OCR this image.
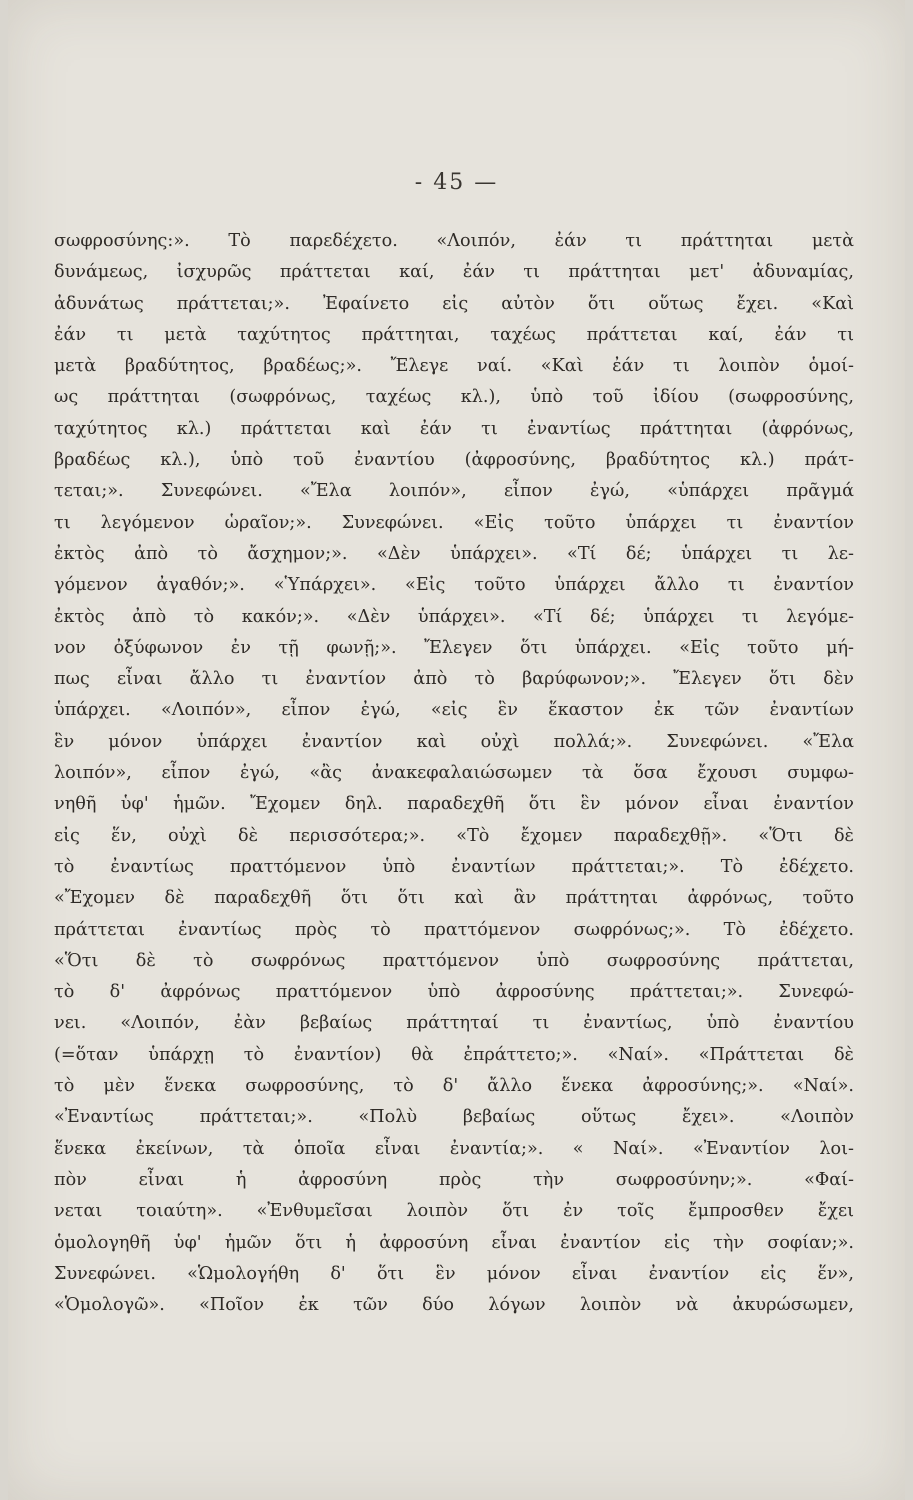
- 45 —
σωφροσύνης:». Τὸ παρεδέχετο. «Λοιπόν, ἐάν τι πράττηται μετὰ
δυνάμεως, ἰσχυρῶς πράττεται καί, ἐάν τι πράττηται μετ' ἀδυναμίας,
ἀδυνάτως πράττεται;». Ἐφαίνετο εἰς αὐτὸν ὅτι οὕτως ἔχει. «Καὶ
ἐάν τι μετὰ ταχύτητος πράττηται, ταχέως πράττεται καί, ἐάν τι
μετὰ βραδύτητος, βραδέως;». Ἔλεγε ναί. «Καὶ ἐάν τι λοιπὸν ὁμοί-
ως πράττηται (σωφρόνως, ταχέως κλ.), ὑπὸ τοῦ ἰδίου (σωφροσύνης,
ταχύτητος κλ.) πράττεται καὶ ἐάν τι ἐναντίως πράττηται (ἀφρόνως,
βραδέως κλ.), ὑπὸ τοῦ ἐναντίου (ἀφροσύνης, βραδύτητος κλ.) πράτ-
τεται;». Συνεφώνει. «Ἔλα λοιπόν», εἶπον ἐγώ, «ὑπάρχει πρᾶγμά
τι λεγόμενον ὡραῖον;». Συνεφώνει. «Εἰς τοῦτο ὑπάρχει τι ἐναντίον
ἐκτὸς ἀπὸ τὸ ἄσχημον;». «Δὲν ὑπάρχει». «Τί δέ; ὑπάρχει τι λε-
γόμενον ἀγαθόν;». «Ὑπάρχει». «Εἰς τοῦτο ὑπάρχει ἄλλο τι ἐναντίον
ἐκτὸς ἀπὸ τὸ κακόν;». «Δὲν ὑπάρχει». «Τί δέ; ὑπάρχει τι λεγόμε-
νον ὀξύφωνον ἐν τῇ φωνῇ;». Ἔλεγεν ὅτι ὑπάρχει. «Εἰς τοῦτο μή-
πως εἶναι ἄλλο τι ἐναντίον ἀπὸ τὸ βαρύφωνον;». Ἔλεγεν ὅτι δὲν
ὑπάρχει. «Λοιπόν», εἶπον ἐγώ, «εἰς ἓν ἕκαστον ἐκ τῶν ἐναντίων
ἓν μόνον ὑπάρχει ἐναντίον καὶ οὐχὶ πολλά;». Συνεφώνει. «Ἔλα
λοιπόν», εἶπον ἐγώ, «ἂς ἀνακεφαλαιώσωμεν τὰ ὅσα ἔχουσι συμφω-
νηθῆ ὑφ' ἡμῶν. Ἔχομεν δηλ. παραδεχθῆ ὅτι ἓν μόνον εἶναι ἐναντίον
εἰς ἕν, οὐχὶ δὲ περισσότερα;». «Τὸ ἔχομεν παραδεχθῇ». «Ὅτι δὲ
τὸ ἐναντίως πραττόμενον ὑπὸ ἐναντίων πράττεται;». Τὸ ἐδέχετο.
«Ἔχομεν δὲ παραδεχθῆ ὅτι ὅτι καὶ ἂν πράττηται ἀφρόνως, τοῦτο
πράττεται ἐναντίως πρὸς τὸ πραττόμενον σωφρόνως;». Τὸ ἐδέχετο.
«Ὅτι δὲ τὸ σωφρόνως πραττόμενον ὑπὸ σωφροσύνης πράττεται,
τὸ δ' ἀφρόνως πραττόμενον ὑπὸ ἀφροσύνης πράττεται;». Συνεφώ-
νει. «Λοιπόν, ἐὰν βεβαίως πράττηταί τι ἐναντίως, ὑπὸ ἐναντίου
(=ὅταν ὑπάρχῃ τὸ ἐναντίον) θὰ ἐπράττετο;». «Ναί». «Πράττεται δὲ
τὸ μὲν ἕνεκα σωφροσύνης, τὸ δ' ἄλλο ἕνεκα ἀφροσύνης;». «Ναί».
«Ἐναντίως πράττεται;». «Πολὺ βεβαίως οὕτως ἔχει». «Λοιπὸν
ἕνεκα ἐκείνων, τὰ ὁποῖα εἶναι ἐναντία;». « Ναί». «Ἐναντίον λοι-
πὸν εἶναι ἡ ἀφροσύνη πρὸς τὴν σωφροσύνην;». «Φαί-
νεται τοιαύτη». «Ἐνθυμεῖσαι λοιπὸν ὅτι ἐν τοῖς ἔμπροσθεν ἔχει
ὁμολογηθῆ ὑφ' ἡμῶν ὅτι ἡ ἀφροσύνη εἶναι ἐναντίον εἰς τὴν σοφίαν;».
Συνεφώνει. «Ὡμολογήθη δ' ὅτι ἓν μόνον εἶναι ἐναντίον εἰς ἕν»,
«Ὁμολογῶ». «Ποῖον ἐκ τῶν δύο λόγων λοιπὸν νὰ ἀκυρώσωμεν,
